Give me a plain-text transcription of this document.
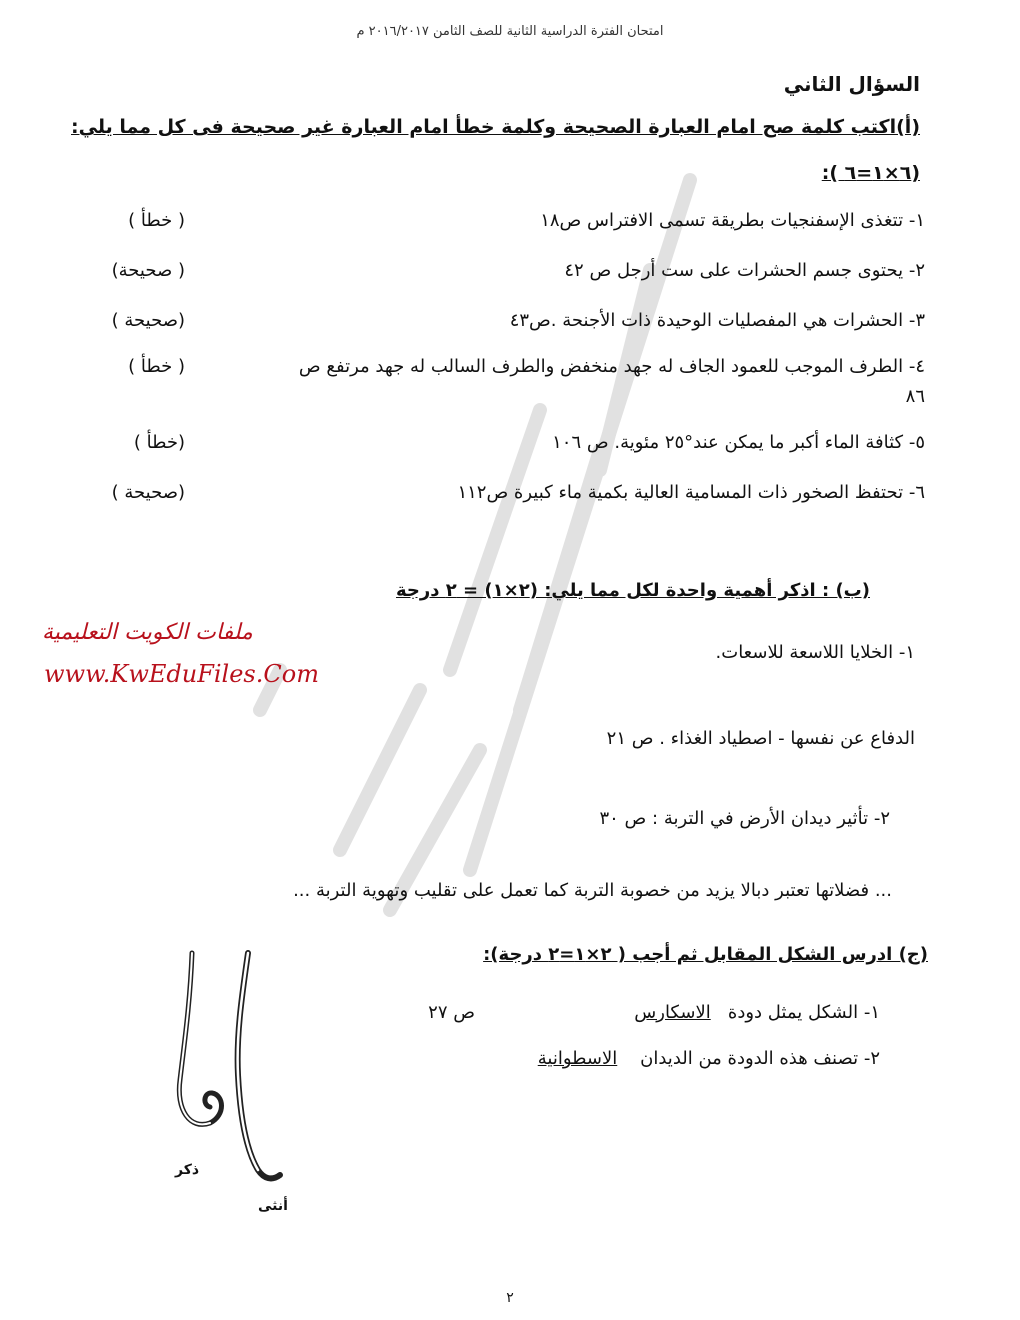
امتحان الفترة الدراسية الثانية للصف الثامن ٢٠١٦/٢٠١٧ م
السؤال الثاني
(أ)اكتب كلمة صح امام العبارة الصحيحة وكلمة خطأ امام العبارة غير صحيحة فى كل مما يلي:
:( ٦×١=٦)
١- تتغذى الإسفنجيات بطريقة تسمى الافتراس ص١٨
( خطأ )
٢- يحتوى جسم الحشرات على ست أرجل ص ٤٢
( صحيحة)
٣- الحشرات هي المفصليات الوحيدة ذات الأجنحة .ص٤٣
(صحيحة )
٤- الطرف الموجب للعمود الجاف له جهد منخفض والطرف السالب له جهد مرتفع ص
٨٦
( خطأ )
٥- كثافة الماء أكبر ما يمكن عند°٢٥ مئوية. ص ١٠٦
(خطأ )
٦- تحتفظ الصخور ذات المسامية العالية بكمية ماء كبيرة ص١١٢
(صحيحة )
(ب) : اذكر أهمية واحدة لكل مما يلي: (٢×١) = ٢ درجة
ملفات الكويت التعليمية
www.KwEduFiles.Com
١- الخلايا اللاسعة للاسعات.
الدفاع عن نفسها - اصطياد الغذاء . ص ٢١
٢- تأثير ديدان الأرض في التربة : ص ٣٠
... فضلاتها تعتبر دبالا يزيد من خصوبة التربة كما تعمل على تقليب وتهوية التربة ...
(ج) ادرس الشكل المقابل ثم أجب ( ٢×١=٢ درجة):
١- الشكل يمثل دودة   الاسكارس
ص ٢٧
٢- تصنف هذه الدودة من الديدان    الاسطوانية
ذكر
أنثى
٢
